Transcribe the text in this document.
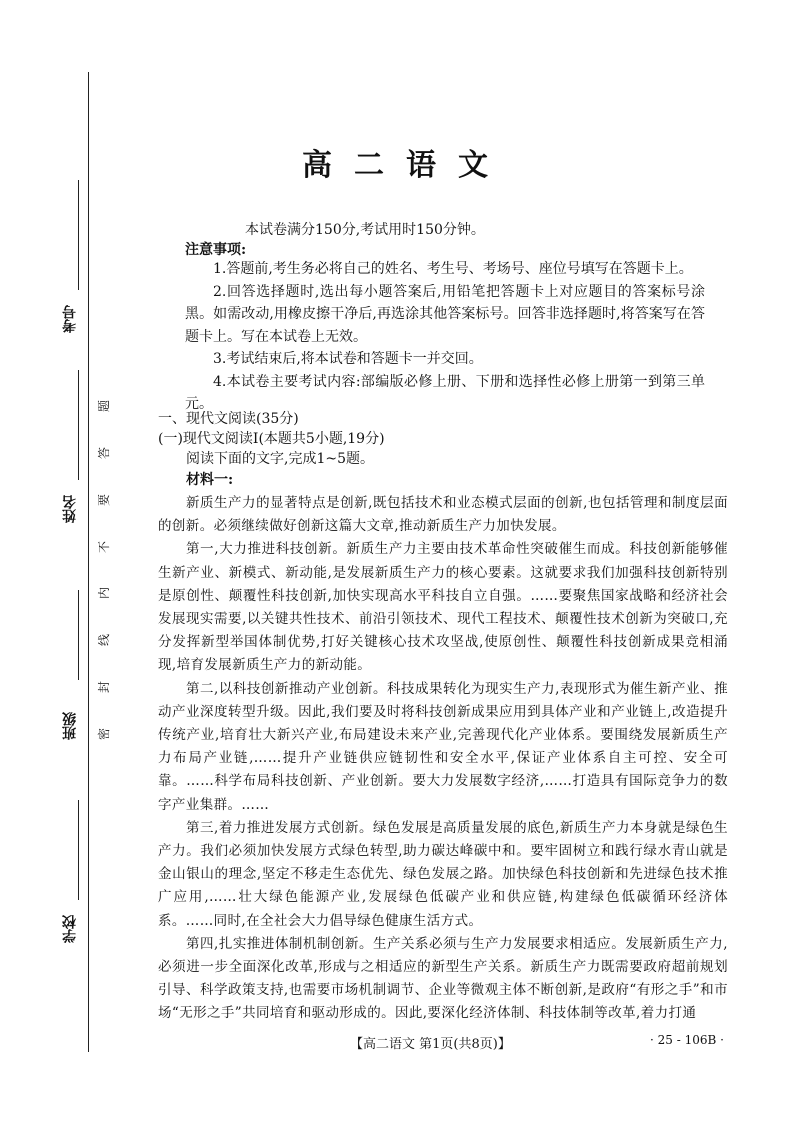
考号
姓名
班级
学校
题
答
要
不
内
线
封
密
高二语文
本试卷满分150分,考试用时150分钟。
注意事项:

1.答题前,考生务必将自己的姓名、考生号、考场号、座位号填写在答题卡上。

2.回答选择题时,选出每小题答案后,用铅笔把答题卡上对应题目的答案标号涂黑。如需改动,用橡皮擦干净后,再选涂其他答案标号。回答非选择题时,将答案写在答题卡上。写在本试卷上无效。

3.考试结束后,将本试卷和答题卡一并交回。

4.本试卷主要考试内容:部编版必修上册、下册和选择性必修上册第一到第三单元。

一、现代文阅读(35分)
(一)现代文阅读Ⅰ(本题共5小题,19分)
阅读下面的文字,完成1~5题。
材料一:

新质生产力的显著特点是创新,既包括技术和业态模式层面的创新,也包括管理和制度层面的创新。必须继续做好创新这篇大文章,推动新质生产力加快发展。

第一,大力推进科技创新。新质生产力主要由技术革命性突破催生而成。科技创新能够催生新产业、新模式、新动能,是发展新质生产力的核心要素。这就要求我们加强科技创新特别是原创性、颠覆性科技创新,加快实现高水平科技自立自强。……要聚焦国家战略和经济社会发展现实需要,以关键共性技术、前沿引领技术、现代工程技术、颠覆性技术创新为突破口,充分发挥新型举国体制优势,打好关键核心技术攻坚战,使原创性、颠覆性科技创新成果竞相涌现,培育发展新质生产力的新动能。

第二,以科技创新推动产业创新。科技成果转化为现实生产力,表现形式为催生新产业、推动产业深度转型升级。因此,我们要及时将科技创新成果应用到具体产业和产业链上,改造提升传统产业,培育壮大新兴产业,布局建设未来产业,完善现代化产业体系。要围绕发展新质生产力布局产业链,……提升产业链供应链韧性和安全水平,保证产业体系自主可控、安全可靠。……科学布局科技创新、产业创新。要大力发展数字经济,……打造具有国际竞争力的数字产业集群。……

第三,着力推进发展方式创新。绿色发展是高质量发展的底色,新质生产力本身就是绿色生产力。我们必须加快发展方式绿色转型,助力碳达峰碳中和。要牢固树立和践行绿水青山就是金山银山的理念,坚定不移走生态优先、绿色发展之路。加快绿色科技创新和先进绿色技术推广应用,……壮大绿色能源产业,发展绿色低碳产业和供应链,构建绿色低碳循环经济体系。……同时,在全社会大力倡导绿色健康生活方式。

第四,扎实推进体制机制创新。生产关系必须与生产力发展要求相适应。发展新质生产力,必须进一步全面深化改革,形成与之相适应的新型生产关系。新质生产力既需要政府超前规划引导、科学政策支持,也需要市场机制调节、企业等微观主体不断创新,是政府“有形之手”和市场“无形之手”共同培育和驱动形成的。因此,要深化经济体制、科技体制等改革,着力打通

【高二语文 第1页(共8页)】	· 25 - 106B ·
